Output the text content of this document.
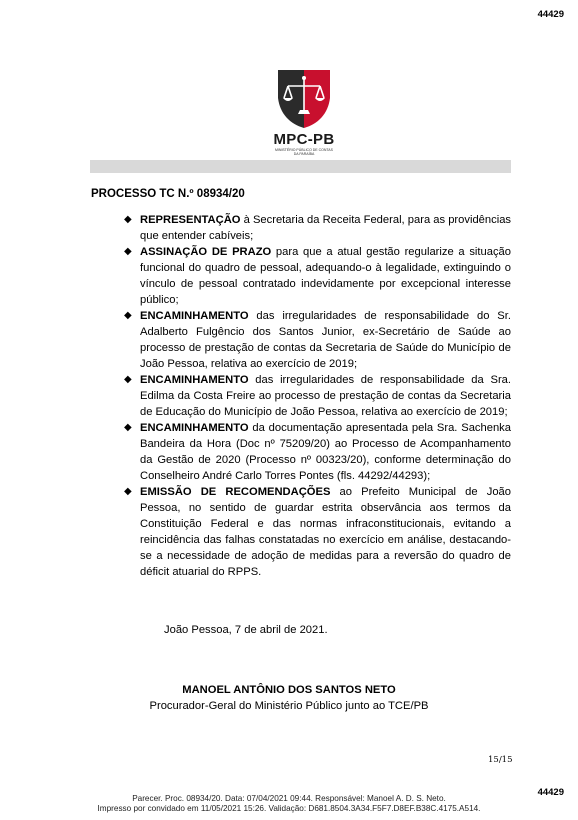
44429
MPC-PB
MINISTÉRIO PÚBLICO DE CONTAS
DA PARAÍBA
PROCESSO TC N.º 08934/20
◆ REPRESENTAÇÃO à Secretaria da Receita Federal, para as providências que entender cabíveis;
◆ ASSINAÇÃO DE PRAZO para que a atual gestão regularize a situação funcional do quadro de pessoal, adequando-o à legalidade, extinguindo o vínculo de pessoal contratado indevidamente por excepcional interesse público;
◆ ENCAMINHAMENTO das irregularidades de responsabilidade do Sr. Adalberto Fulgêncio dos Santos Junior, ex-Secretário de Saúde ao processo de prestação de contas da Secretaria de Saúde do Município de João Pessoa, relativa ao exercício de 2019;
◆ ENCAMINHAMENTO das irregularidades de responsabilidade da Sra. Edilma da Costa Freire ao processo de prestação de contas da Secretaria de Educação do Município de João Pessoa, relativa ao exercício de 2019;
◆ ENCAMINHAMENTO da documentação apresentada pela Sra. Sachenka Bandeira da Hora (Doc nº 75209/20) ao Processo de Acompanhamento da Gestão de 2020 (Processo nº 00323/20), conforme determinação do Conselheiro André Carlo Torres Pontes (fls. 44292/44293);
◆ EMISSÃO DE RECOMENDAÇÕES ao Prefeito Municipal de João Pessoa, no sentido de guardar estrita observância aos termos da Constituição Federal e das normas infraconstitucionais, evitando a reincidência das falhas constatadas no exercício em análise, destacando-se a necessidade de adoção de medidas para a reversão do quadro de déficit atuarial do RPPS.
João Pessoa, 7 de abril de 2021.
MANOEL ANTÔNIO DOS SANTOS NETO
Procurador-Geral do Ministério Público junto ao TCE/PB
15/15
44429
Parecer. Proc. 08934/20. Data: 07/04/2021 09:44. Responsável: Manoel A. D. S. Neto.
Impresso por convidado em 11/05/2021 15:26. Validação: D681.8504.3A34.F5F7.D8EF.B38C.4175.A514.
